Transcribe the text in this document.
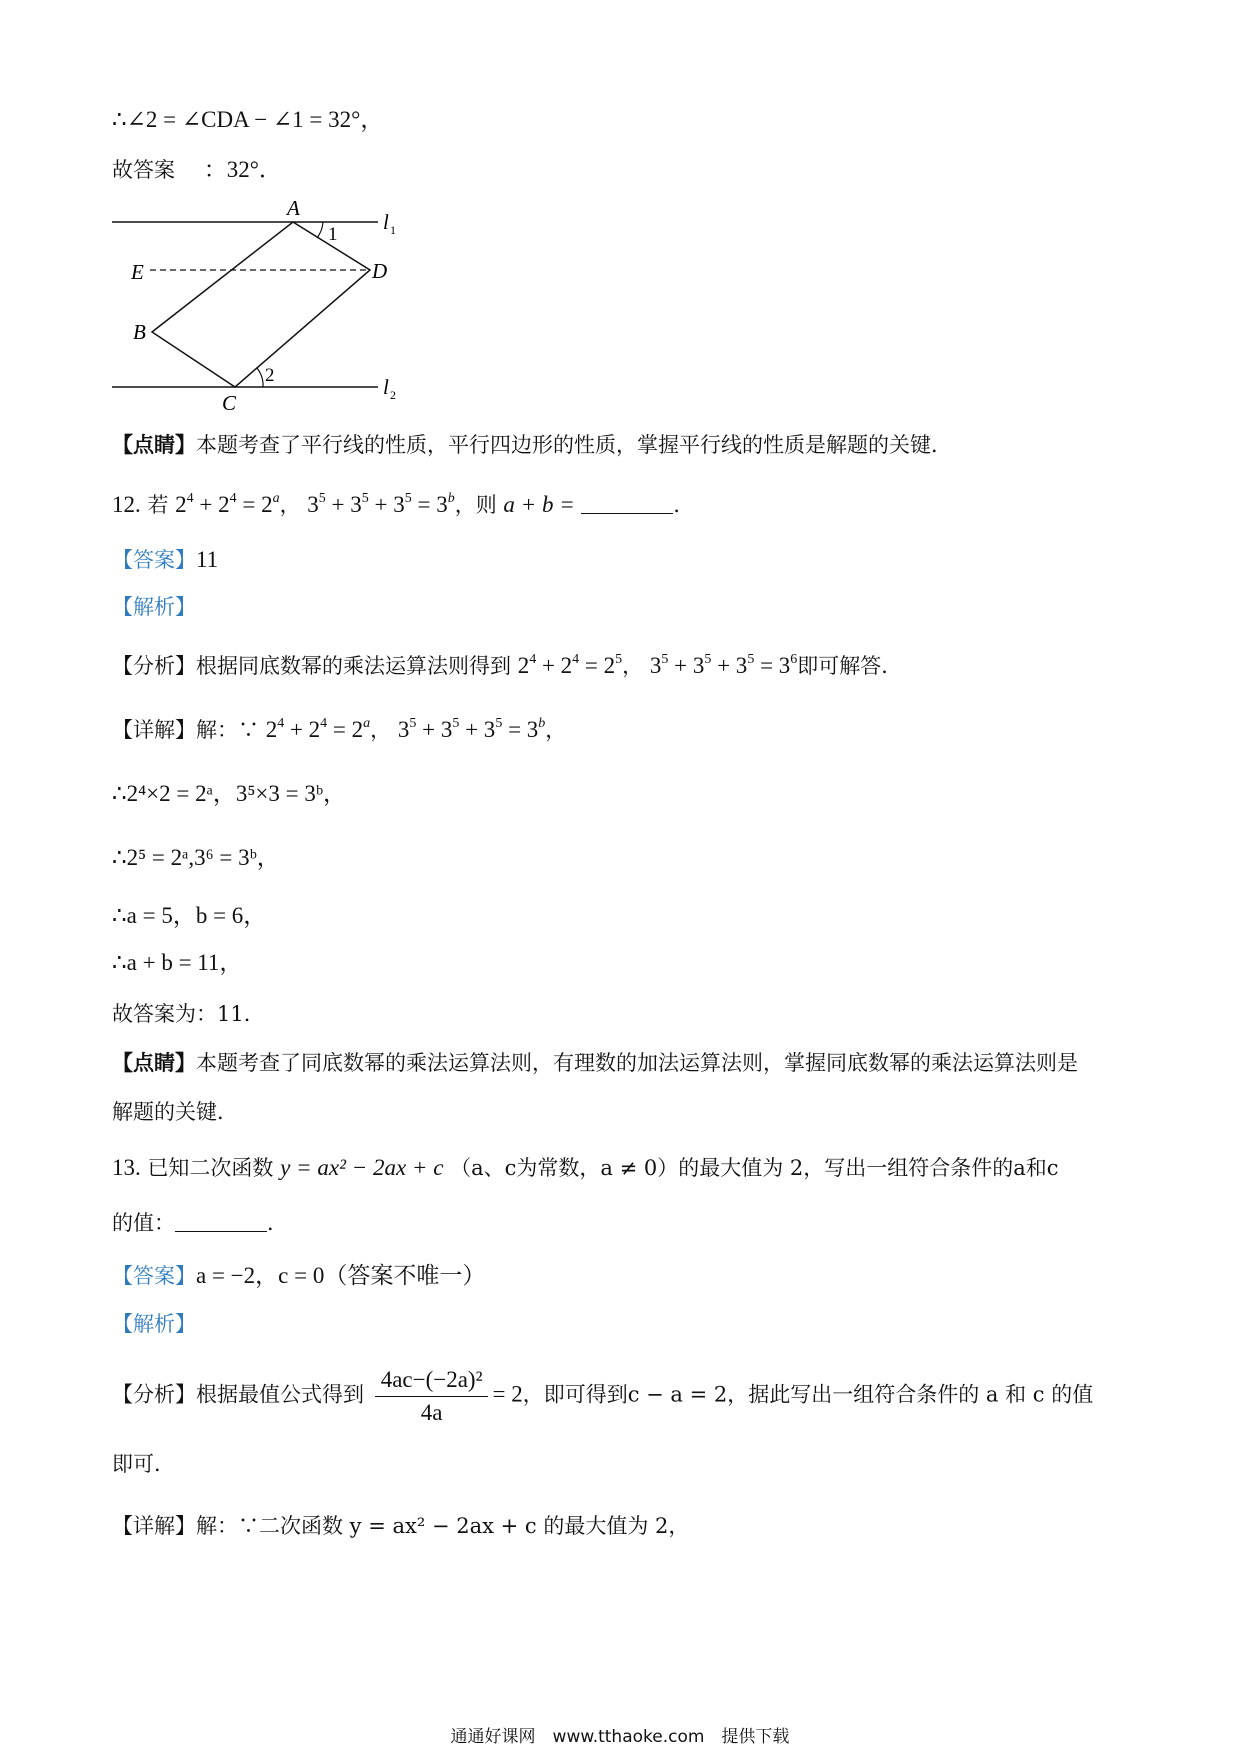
∴∠2 = ∠CDA − ∠1 = 32°，
故答案 ：32°．
A
D
E
B
C
1
2
l 1
l 2
【点睛】本题考查了平行线的性质，平行四边形的性质，掌握平行线的性质是解题的关键．
12. 若 $2^4 + 2^4 = 2^a$， $3^5 + 3^5 + 3^5 = 3^b$，则 a + b =	．
【答案】11
【解析】
【分析】根据同底数幂的乘法运算法则得到 $2^4 + 2^4 = 2^5$， $3^5 + 3^5 + 3^5 = 3^6$即可解答．
【详解】解：∵ $2^4 + 2^4 = 2^a$， $3^5 + 3^5 + 3^5 = 3^b$，
∴2⁴×2 = 2ᵃ，3⁵×3 = 3ᵇ，
∴2⁵ = 2ᵃ,3⁶ = 3ᵇ，
∴a = 5，b = 6，
∴a + b = 11，
故答案为：11．
【点睛】本题考查了同底数幂的乘法运算法则，有理数的加法运算法则，掌握同底数幂的乘法运算法则是
解题的关键．
13. 已知二次函数 y = ax² − 2ax + c （a、c为常数，a ≠ 0）的最大值为 2，写出一组符合条件的a和c
的值：	．
【答案】a = −2，c = 0（答案不唯一）
【解析】
【分析】根据最值公式得到 $\frac{\text{4ac−(−2a)²}}{4a} = 2$，即可得到c − a = 2，据此写出一组符合条件的 a 和 c 的值
即可．
【详解】解：∵二次函数 y = ax² − 2ax + c 的最大值为 2，
通通好课网　www.tthaoke.com　提供下载
